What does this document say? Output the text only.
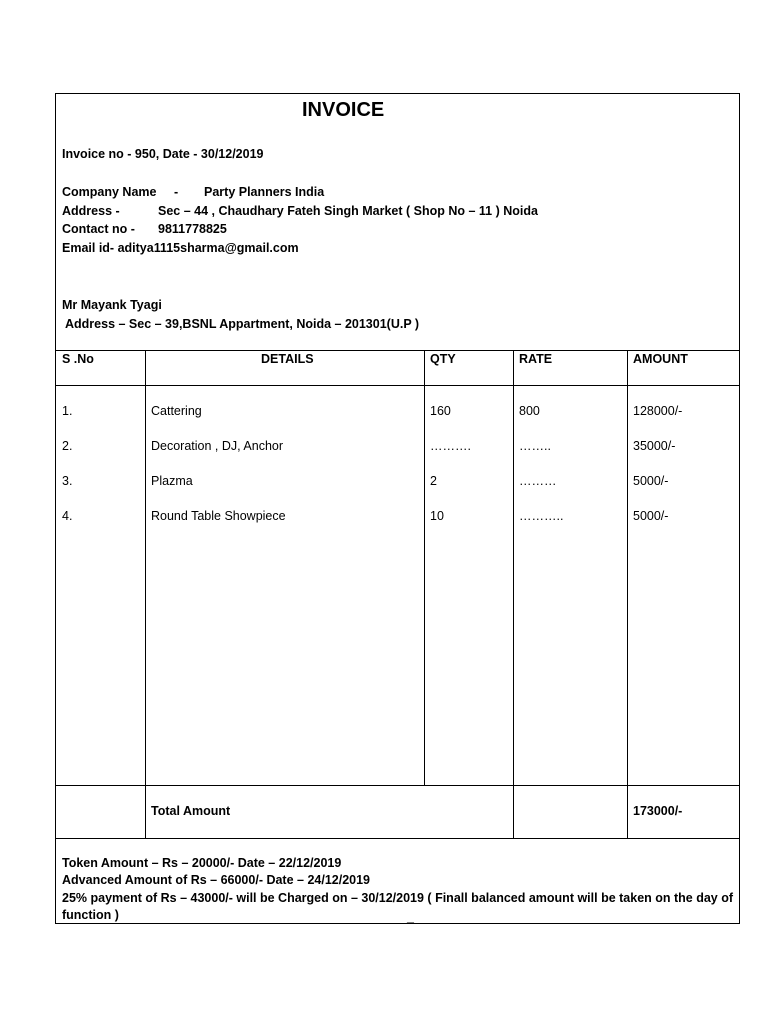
INVOICE
Invoice no - 950, Date - 30/12/2019
Company Name - Party Planners India
Address -	Sec – 44 , Chaudhary Fateh Singh Market ( Shop No – 11 ) Noida
Contact no - 9811778825
Email id- aditya1115sharma@gmail.com
Mr Mayank Tyagi
Address – Sec – 39,BSNL Appartment, Noida – 201301(U.P )
S .No	DETAILS	QTY	RATE	AMOUNT
1.	Cattering	160	800	128000/-
2.	Decoration , DJ, Anchor	……….	……..	35000/-
3.	Plazma	2	………	5000/-
4.	Round Table Showpiece	10	………..	5000/-
Total Amount	173000/-
Token Amount – Rs – 20000/- Date – 22/12/2019
Advanced Amount of Rs – 66000/- Date – 24/12/2019
25% payment of Rs – 43000/- will be Charged on – 30/12/2019 ( Finall balanced amount will be taken on the day of
function )	_
